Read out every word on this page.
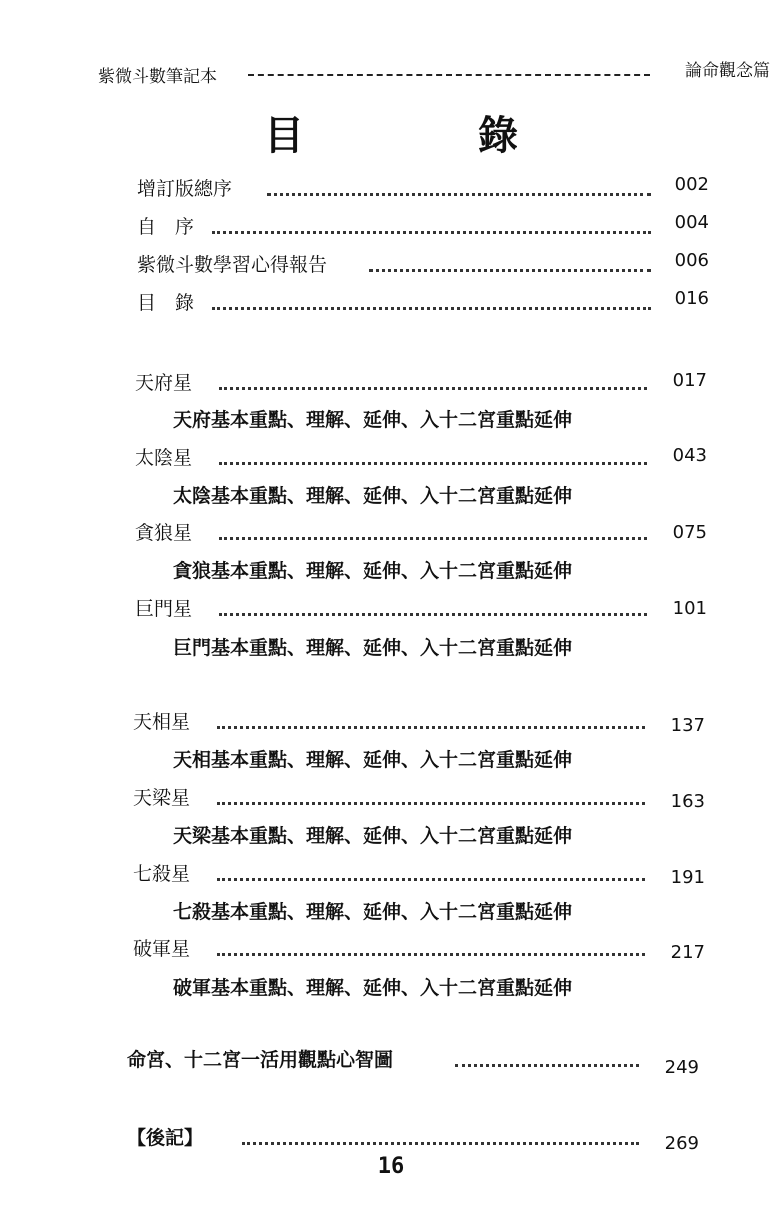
紫微斗數筆記本	論命觀念篇
目 錄
增訂版總序	002
自　序	004
紫微斗數學習心得報告	006
目　錄	016
天府星	017
天府基本重點、理解、延伸、入十二宮重點延伸
太陰星	043
太陰基本重點、理解、延伸、入十二宮重點延伸
貪狼星	075
貪狼基本重點、理解、延伸、入十二宮重點延伸
巨門星	101
巨門基本重點、理解、延伸、入十二宮重點延伸
天相星	137
天相基本重點、理解、延伸、入十二宮重點延伸
天梁星	163
天梁基本重點、理解、延伸、入十二宮重點延伸
七殺星	191
七殺基本重點、理解、延伸、入十二宮重點延伸
破軍星	217
破軍基本重點、理解、延伸、入十二宮重點延伸
命宮、十二宮一活用觀點心智圖	249
【後記】	269
16
